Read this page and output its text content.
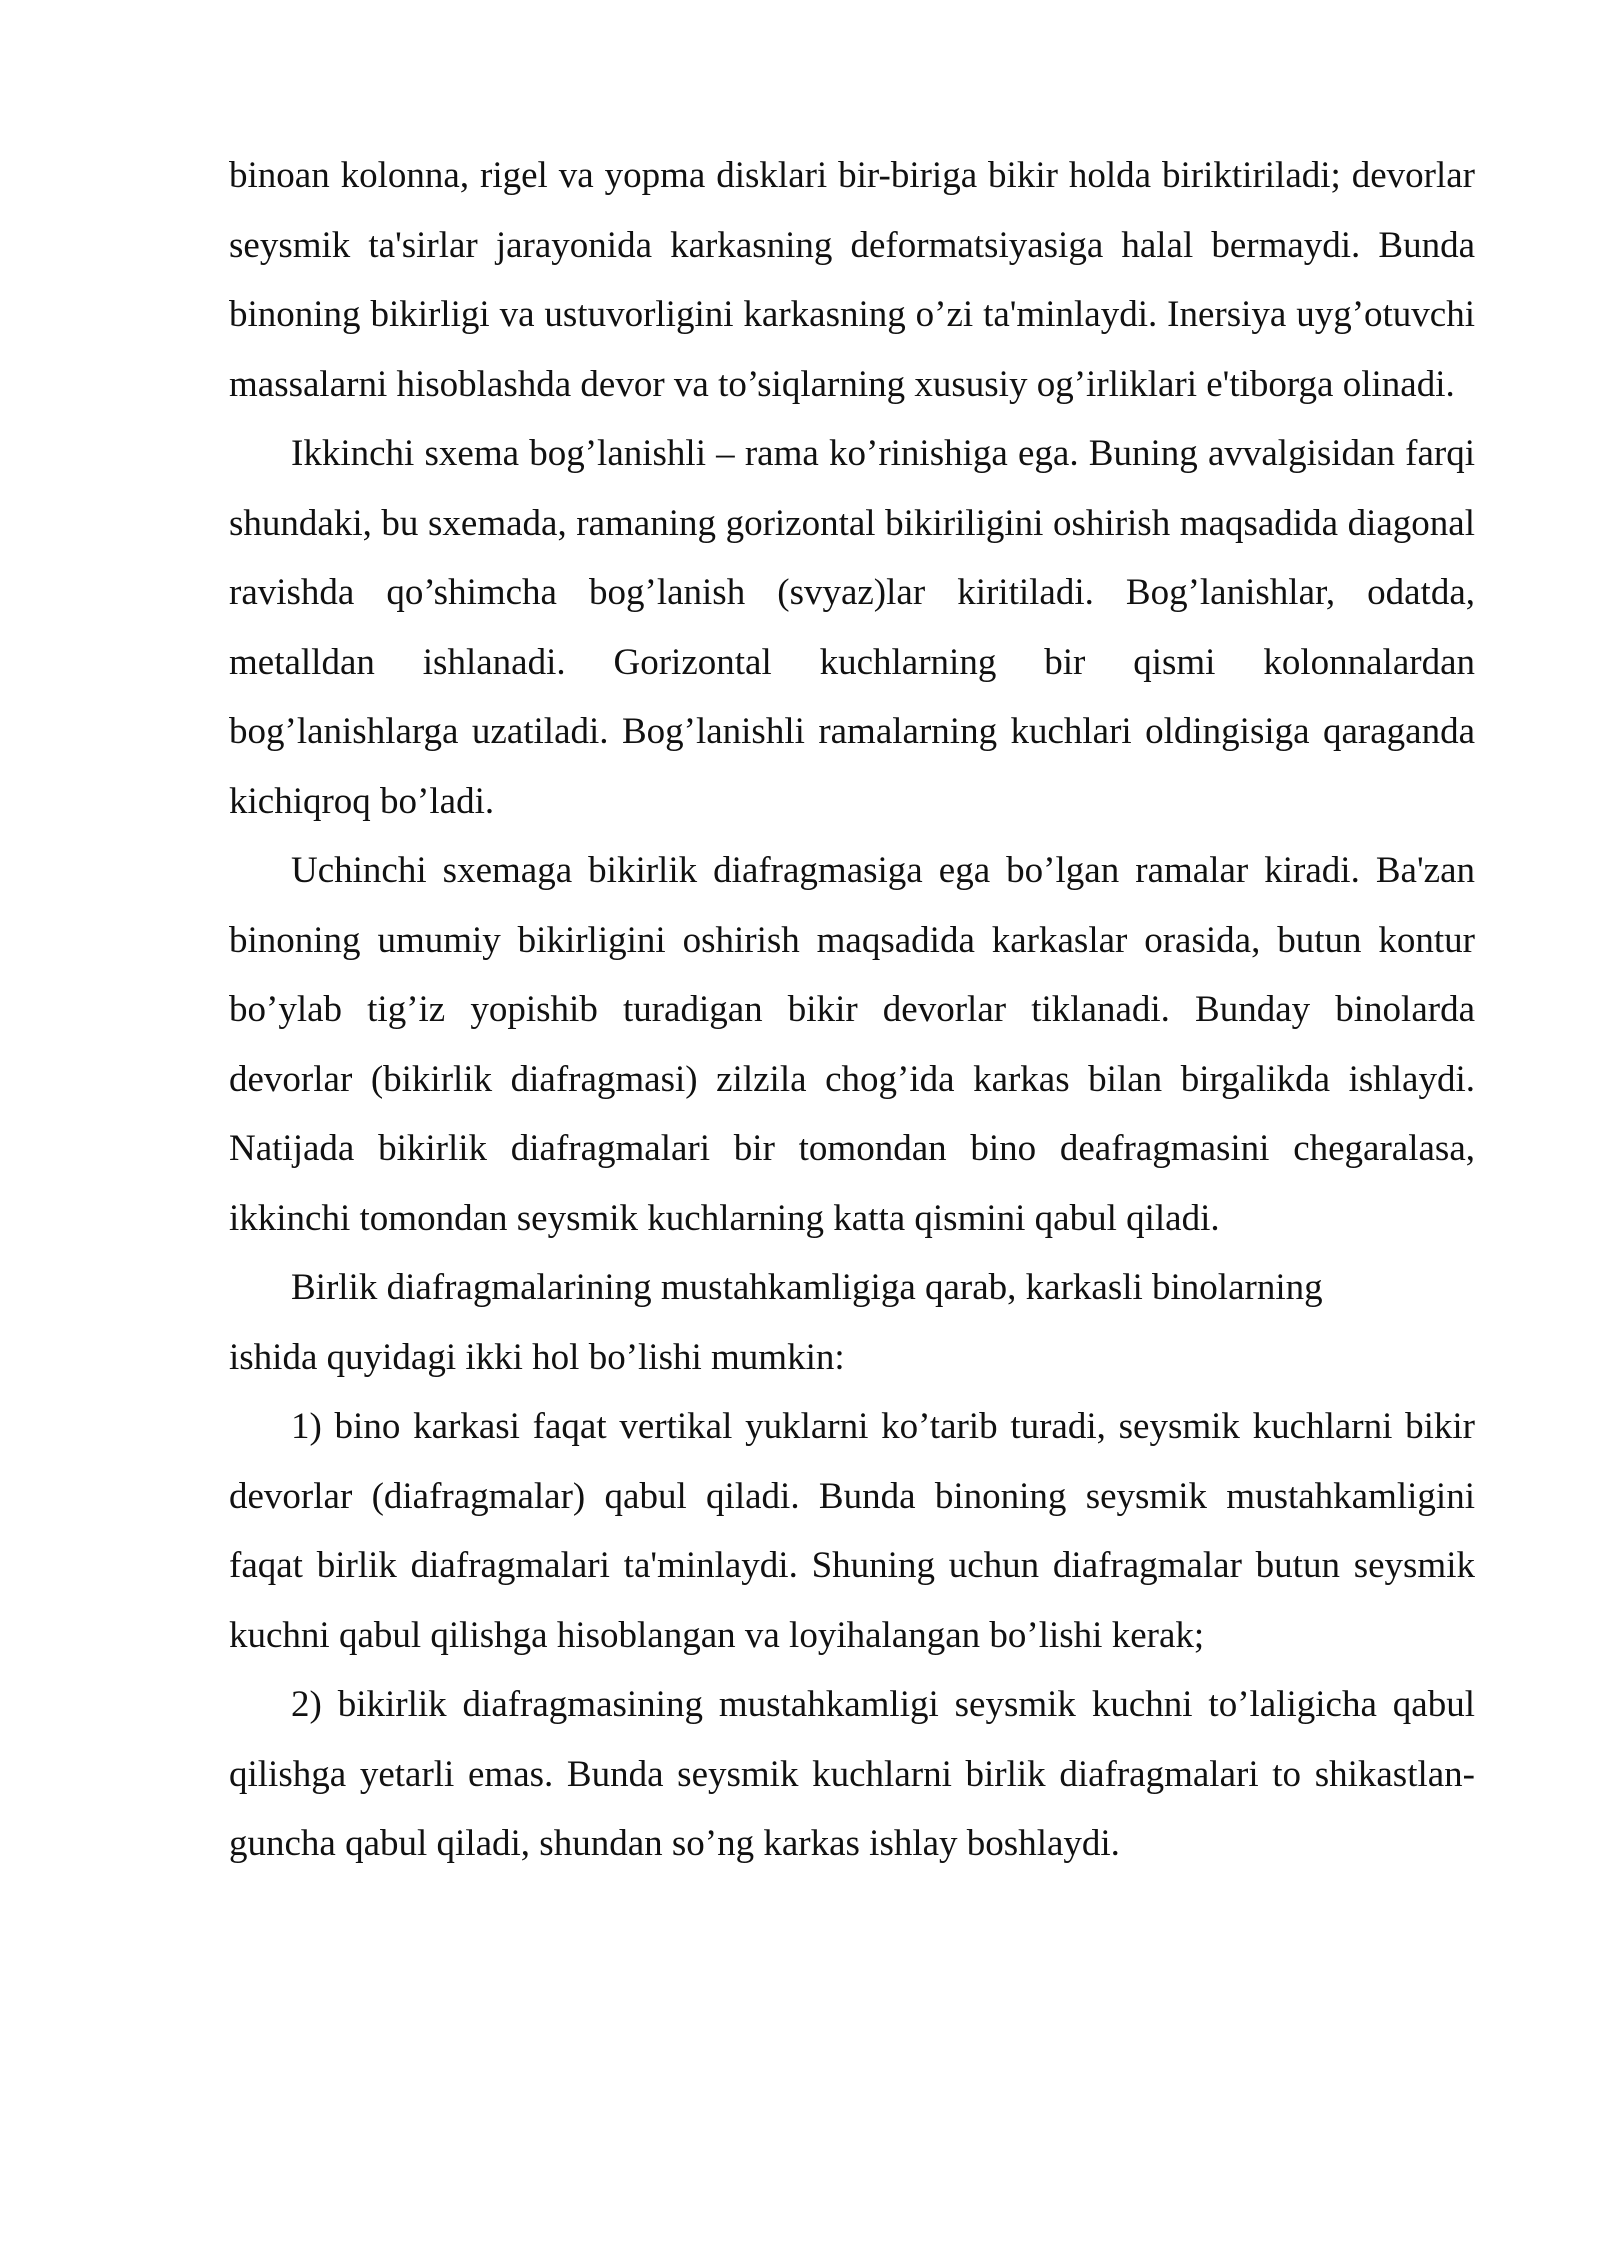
binoan kolonna, rigel va yopma disklari bir-biriga bikir holda biriktiriladi; devorlar seysmik ta'sirlar jarayonida karkasning deformatsiyasiga halal bermaydi. Bunda binoning bikirligi va ustuvorligini karkasning o’zi ta'minlaydi. Inersiya uyg’otuvchi massalarni hisoblashda devor va to’siqlarning xususiy og’irliklari e'tiborga olinadi.

Ikkinchi sxema bog’lanishli – rama ko’rinishiga ega. Buning avvalgisidan farqi shundaki, bu sxemada, ramaning gorizontal bikiriligini oshirish maqsadida diagonal ravishda qo’shimcha bog’lanish (svyaz)lar kiritiladi. Bog’lanishlar, odatda, metalldan ishlanadi. Gorizontal kuchlarning bir qismi kolonnalardan bog’lanishlarga uzatiladi. Bog’lanishli ramalarning kuchlari oldingisiga qaraganda kichiqroq bo’ladi.

Uchinchi sxemaga bikirlik diafragmasiga ega bo’lgan ramalar kiradi. Ba'zan binoning umumiy bikirligini oshirish maqsadida karkaslar orasida, butun kontur bo’ylab tig’iz yopishib turadigan bikir devorlar tiklanadi. Bunday binolarda devorlar (bikirlik diafragmasi) zilzila chog’ida karkas bilan birgalikda ishlaydi. Natijada bikirlik diafragmalari bir tomondan bino deafragmasini chegaralasa, ikkinchi tomondan seysmik kuchlarning katta qismini qabul qiladi.

Birlik diafragmalarining mustahkamligiga qarab, karkasli binolarning ishida quyidagi ikki hol bo’lishi mumkin:

1) bino karkasi faqat vertikal yuklarni ko’tarib turadi, seysmik kuchlarni bikir devorlar (diafragmalar) qabul qiladi. Bunda binoning seysmik mustahkamligini faqat birlik diafragmalari ta'minlaydi. Shuning uchun diafragmalar butun seysmik kuchni qabul qilishga hisoblangan va loyihalangan bo’lishi kerak;

2) bikirlik diafragmasining mustahkamligi seysmik kuchni to’laligicha qabul qilishga yetarli emas. Bunda seysmik kuchlarni birlik diafragmalari to shikastlan-guncha qabul qiladi, shundan so’ng karkas ishlay boshlaydi.
